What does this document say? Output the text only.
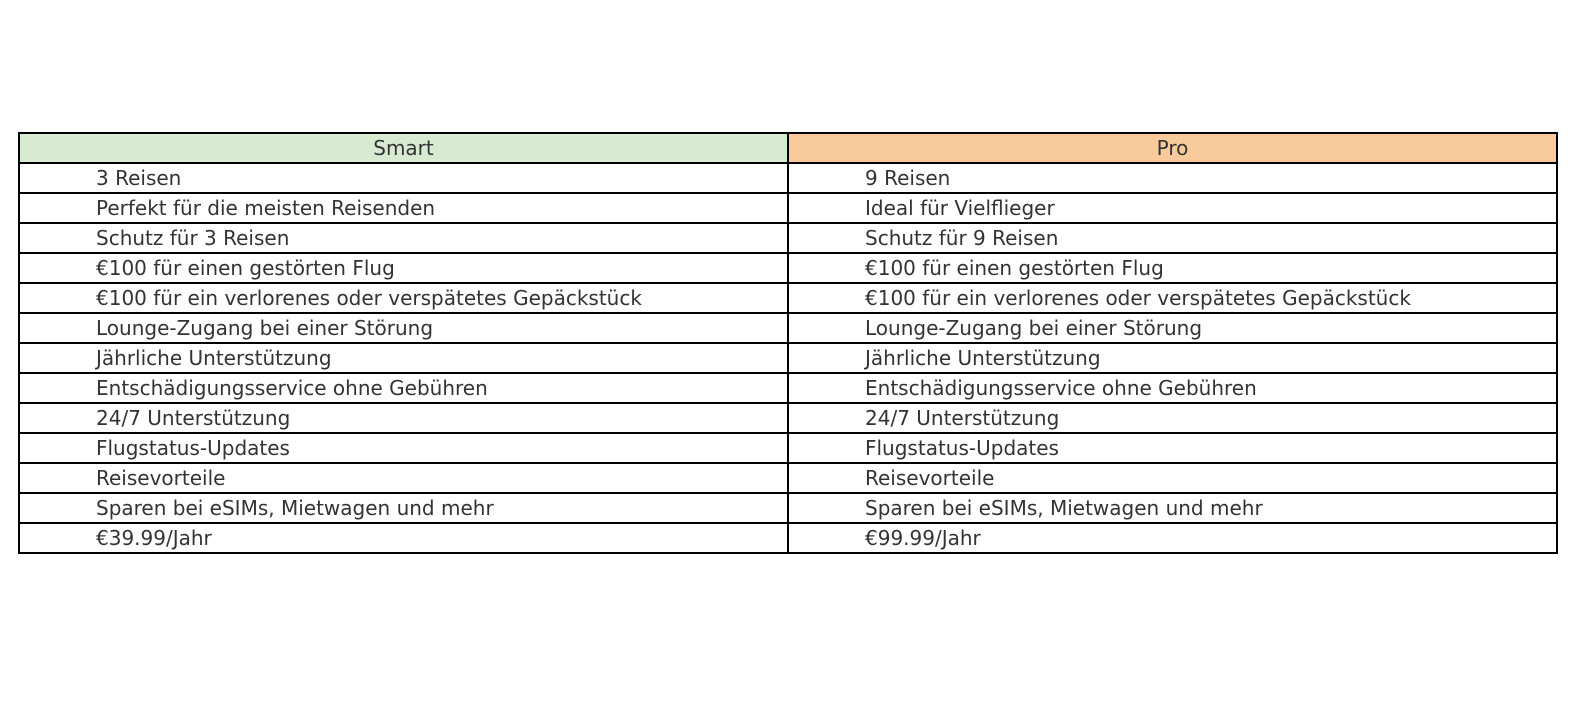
Smart	Pro
3 Reisen	9 Reisen
Perfekt für die meisten Reisenden	Ideal für Vielflieger
Schutz für 3 Reisen	Schutz für 9 Reisen
€100 für einen gestörten Flug	€100 für einen gestörten Flug
€100 für ein verlorenes oder verspätetes Gepäckstück	€100 für ein verlorenes oder verspätetes Gepäckstück
Lounge-Zugang bei einer Störung	Lounge-Zugang bei einer Störung
Jährliche Unterstützung	Jährliche Unterstützung
Entschädigungsservice ohne Gebühren	Entschädigungsservice ohne Gebühren
24/7 Unterstützung	24/7 Unterstützung
Flugstatus-Updates	Flugstatus-Updates
Reisevorteile	Reisevorteile
Sparen bei eSIMs, Mietwagen und mehr	Sparen bei eSIMs, Mietwagen und mehr
€39.99/Jahr	€99.99/Jahr
